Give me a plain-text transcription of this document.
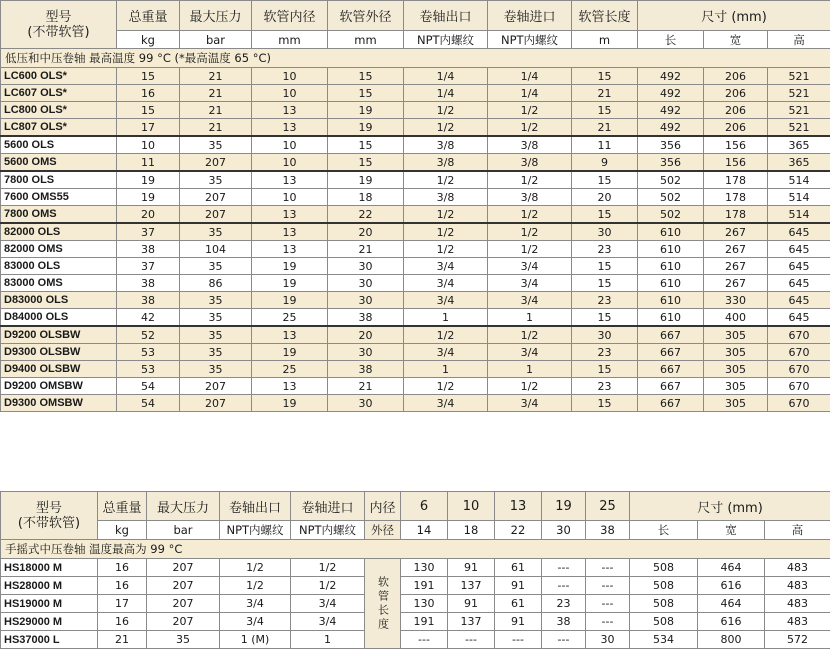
型号
(不带软管)	总重量	最大压力	软管内径	软管外径	卷轴出口	卷轴进口	软管长度	尺寸 (mm)		
	kg	bar	mm	mm	NPT内螺纹	NPT内螺纹	m	长	宽	高
低压和中压卷轴 最高温度 99 °C (*最高温度 65 °C)										
LC600 OLS*	15	21	10	15	1/4	1/4	15	492	206	521
LC607 OLS*	16	21	10	15	1/4	1/4	21	492	206	521
LC800 OLS*	15	21	13	19	1/2	1/2	15	492	206	521
LC807 OLS*	17	21	13	19	1/2	1/2	21	492	206	521
5600 OLS	10	35	10	15	3/8	3/8	11	356	156	365
5600 OMS	11	207	10	15	3/8	3/8	9	356	156	365
7800 OLS	19	35	13	19	1/2	1/2	15	502	178	514
7600 OMS55	19	207	10	18	3/8	3/8	20	502	178	514
7800 OMS	20	207	13	22	1/2	1/2	15	502	178	514
82000 OLS	37	35	13	20	1/2	1/2	30	610	267	645
82000 OMS	38	104	13	21	1/2	1/2	23	610	267	645
83000 OLS	37	35	19	30	3/4	3/4	15	610	267	645
83000 OMS	38	86	19	30	3/4	3/4	15	610	267	645
D83000 OLS	38	35	19	30	3/4	3/4	23	610	330	645
D84000 OLS	42	35	25	38	1	1	15	610	400	645
D9200 OLSBW	52	35	13	20	1/2	1/2	30	667	305	670
D9300 OLSBW	53	35	19	30	3/4	3/4	23	667	305	670
D9400 OLSBW	53	35	25	38	1	1	15	667	305	670
D9200 OMSBW	54	207	13	21	1/2	1/2	23	667	305	670
D9300 OMSBW	54	207	19	30	3/4	3/4	15	667	305	670
型号
(不带软管)	总重量	最大压力	卷轴出口	卷轴进口	内径	6	10	13	19	25	尺寸 (mm)		
	kg	bar	NPT内螺纹	NPT内螺纹	外径	14	18	22	30	38	长	宽	高
手摇式中压卷轴 温度最高为 99 °C													
HS18000 M	16	207	1/2	1/2	软管长度	130	91	61	---	---	508	464	483
HS28000 M	16	207	1/2	1/2		191	137	91	---	---	508	616	483
HS19000 M	17	207	3/4	3/4		130	91	61	23	---	508	464	483
HS29000 M	16	207	3/4	3/4		191	137	91	38	---	508	616	483
HS37000 L	21	35	1 (M)	1		---	---	---	---	30	534	800	572
